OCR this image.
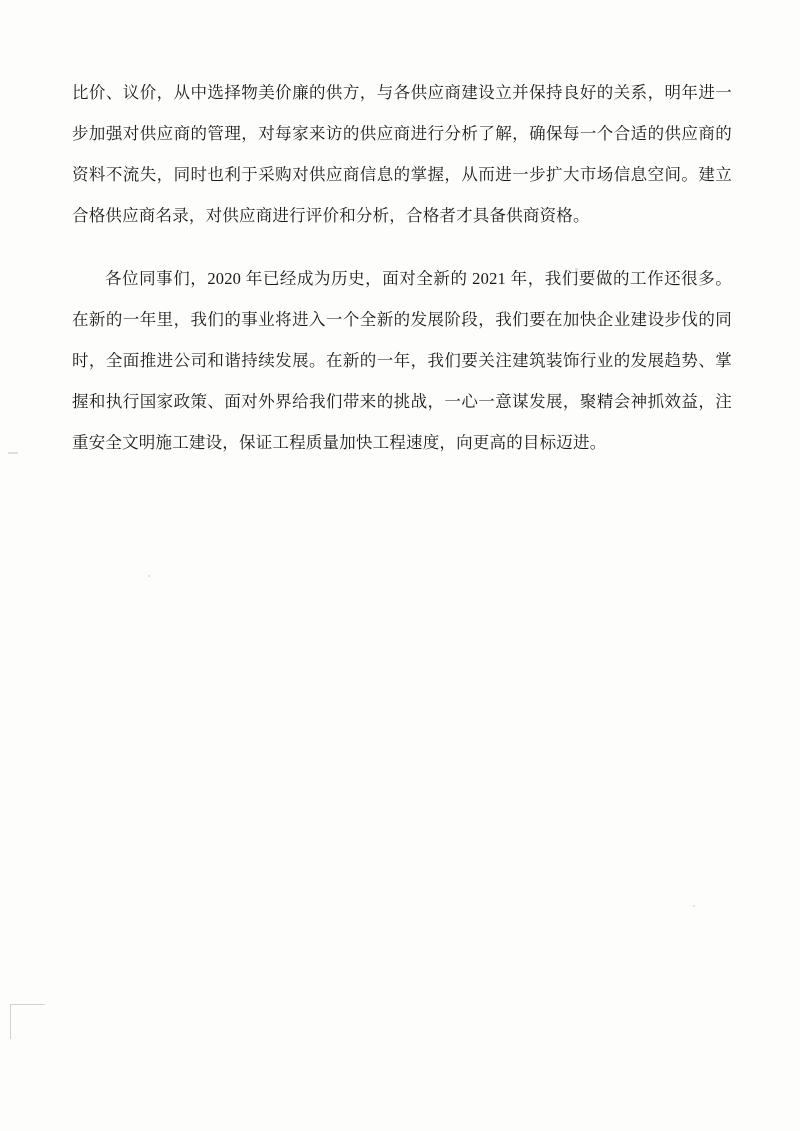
比价、议价，从中选择物美价廉的供方，与各供应商建设立并保持良好的关系，明年进一步加强对供应商的管理，对每家来访的供应商进行分析了解，确保每一个合适的供应商的资料不流失，同时也利于采购对供应商信息的掌握，从而进一步扩大市场信息空间。建立合格供应商名录，对供应商进行评价和分析，合格者才具备供商资格。

各位同事们，2020 年已经成为历史，面对全新的 2021 年，我们要做的工作还很多。在新的一年里，我们的事业将进入一个全新的发展阶段，我们要在加快企业建设步伐的同时，全面推进公司和谐持续发展。在新的一年，我们要关注建筑装饰行业的发展趋势、掌握和执行国家政策、面对外界给我们带来的挑战，一心一意谋发展，聚精会神抓效益，注重安全文明施工建设，保证工程质量加快工程速度，向更高的目标迈进。
